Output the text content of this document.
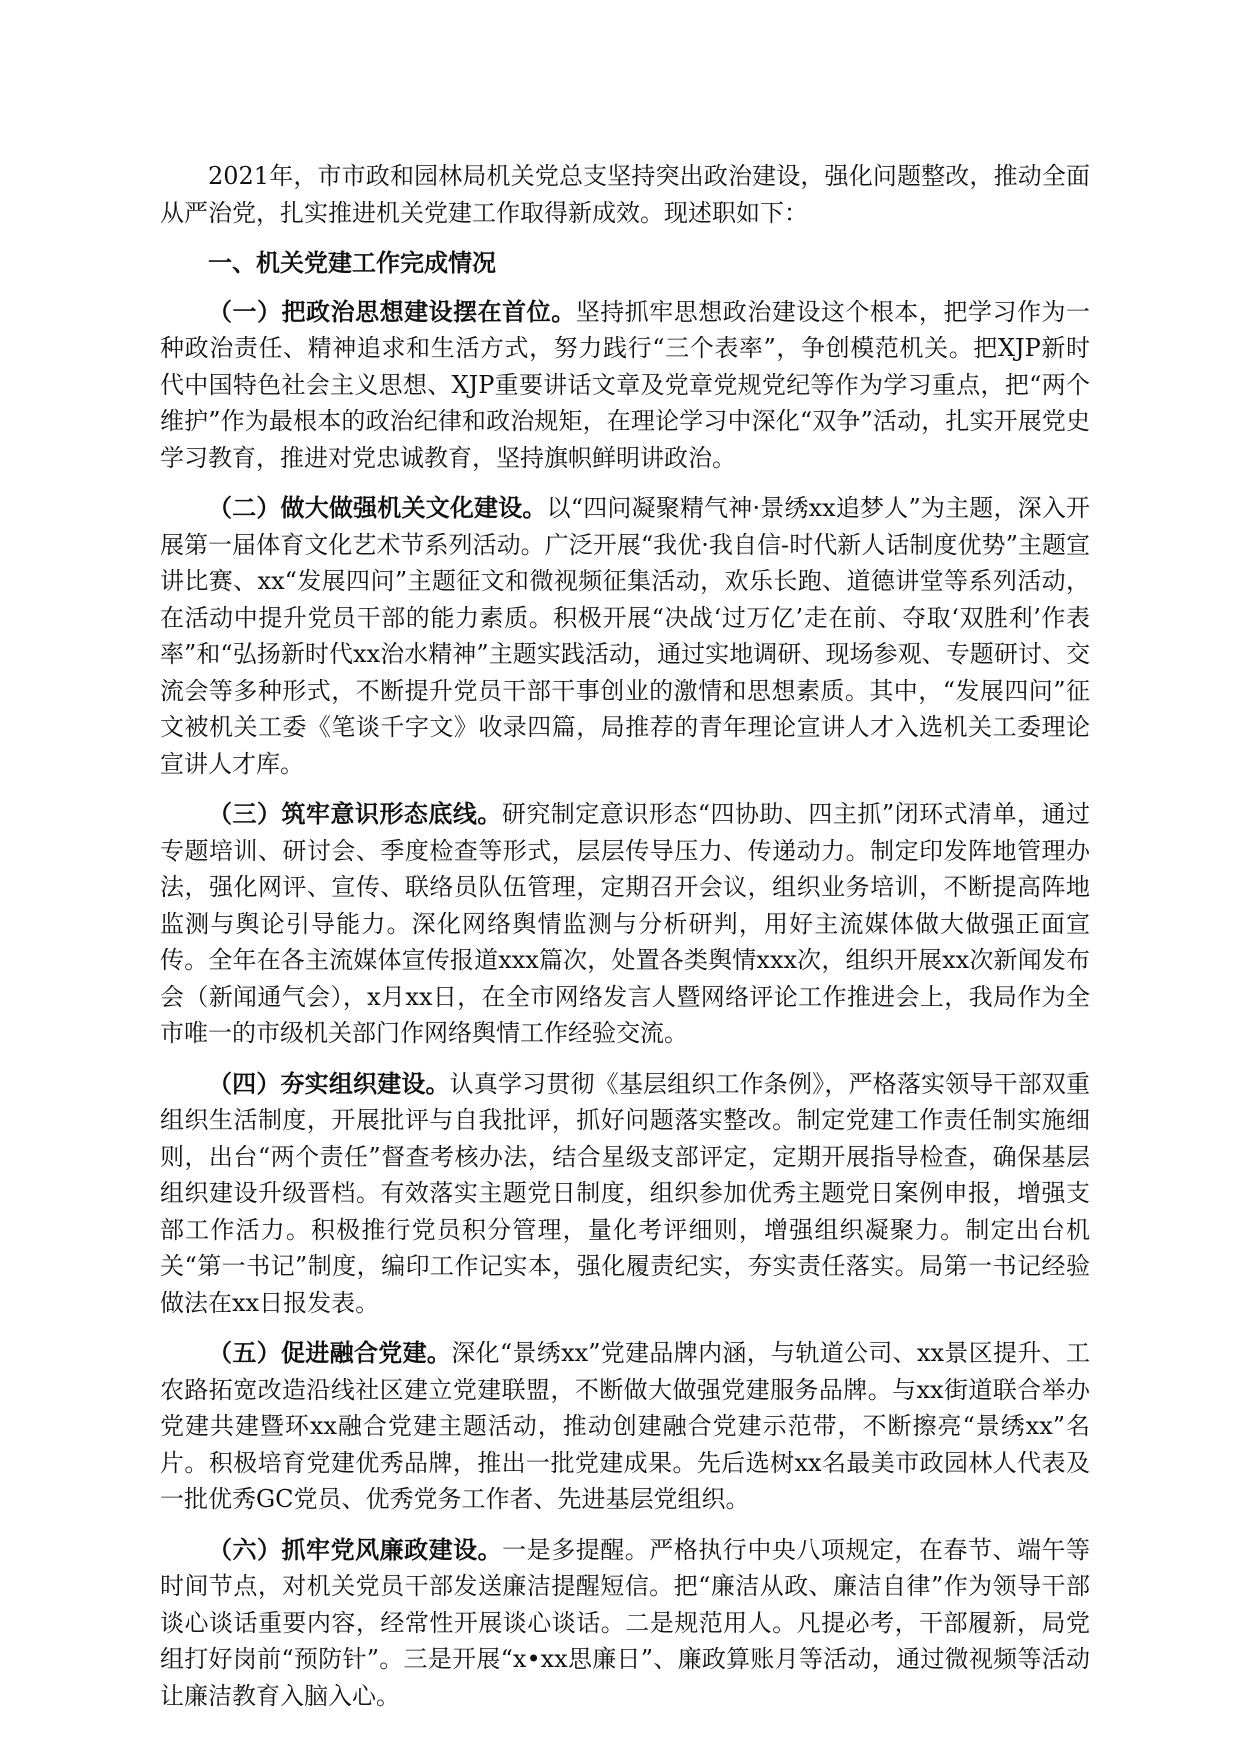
2021年，市市政和园林局机关党总支坚持突出政治建设，强化问题整改，推动全面从严治党，扎实推进机关党建工作取得新成效。现述职如下：

一、机关党建工作完成情况

（一）把政治思想建设摆在首位。坚持抓牢思想政治建设这个根本，把学习作为一种政治责任、精神追求和生活方式，努力践行“三个表率”，争创模范机关。把XJP新时代中国特色社会主义思想、XJP重要讲话文章及党章党规党纪等作为学习重点，把“两个维护”作为最根本的政治纪律和政治规矩，在理论学习中深化“双争”活动，扎实开展党史学习教育，推进对党忠诚教育，坚持旗帜鲜明讲政治。

（二）做大做强机关文化建设。以“四问凝聚精气神·景绣xx追梦人”为主题，深入开展第一届体育文化艺术节系列活动。广泛开展“我优·我自信-时代新人话制度优势”主题宣讲比赛、xx“发展四问”主题征文和微视频征集活动，欢乐长跑、道德讲堂等系列活动，在活动中提升党员干部的能力素质。积极开展“决战‘过万亿’走在前、夺取‘双胜利’作表率”和“弘扬新时代xx治水精神”主题实践活动，通过实地调研、现场参观、专题研讨、交流会等多种形式，不断提升党员干部干事创业的激情和思想素质。其中，“发展四问”征文被机关工委《笔谈千字文》收录四篇，局推荐的青年理论宣讲人才入选机关工委理论宣讲人才库。

（三）筑牢意识形态底线。研究制定意识形态“四协助、四主抓”闭环式清单，通过专题培训、研讨会、季度检查等形式，层层传导压力、传递动力。制定印发阵地管理办法，强化网评、宣传、联络员队伍管理，定期召开会议，组织业务培训，不断提高阵地监测与舆论引导能力。深化网络舆情监测与分析研判，用好主流媒体做大做强正面宣传。全年在各主流媒体宣传报道xxx篇次，处置各类舆情xxx次，组织开展xx次新闻发布会（新闻通气会），x月xx日，在全市网络发言人暨网络评论工作推进会上，我局作为全市唯一的市级机关部门作网络舆情工作经验交流。

（四）夯实组织建设。认真学习贯彻《基层组织工作条例》，严格落实领导干部双重组织生活制度，开展批评与自我批评，抓好问题落实整改。制定党建工作责任制实施细则，出台“两个责任”督查考核办法，结合星级支部评定，定期开展指导检查，确保基层组织建设升级晋档。有效落实主题党日制度，组织参加优秀主题党日案例申报，增强支部工作活力。积极推行党员积分管理，量化考评细则，增强组织凝聚力。制定出台机关“第一书记”制度，编印工作记实本，强化履责纪实，夯实责任落实。局第一书记经验做法在xx日报发表。

（五）促进融合党建。深化“景绣xx”党建品牌内涵，与轨道公司、xx景区提升、工农路拓宽改造沿线社区建立党建联盟，不断做大做强党建服务品牌。与xx街道联合举办党建共建暨环xx融合党建主题活动，推动创建融合党建示范带，不断擦亮“景绣xx”名片。积极培育党建优秀品牌，推出一批党建成果。先后选树xx名最美市政园林人代表及一批优秀GC党员、优秀党务工作者、先进基层党组织。

（六）抓牢党风廉政建设。一是多提醒。严格执行中央八项规定，在春节、端午等时间节点，对机关党员干部发送廉洁提醒短信。把“廉洁从政、廉洁自律”作为领导干部谈心谈话重要内容，经常性开展谈心谈话。二是规范用人。凡提必考，干部履新，局党组打好岗前“预防针”。三是开展“x•xx思廉日”、廉政算账月等活动，通过微视频等活动让廉洁教育入脑入心。
